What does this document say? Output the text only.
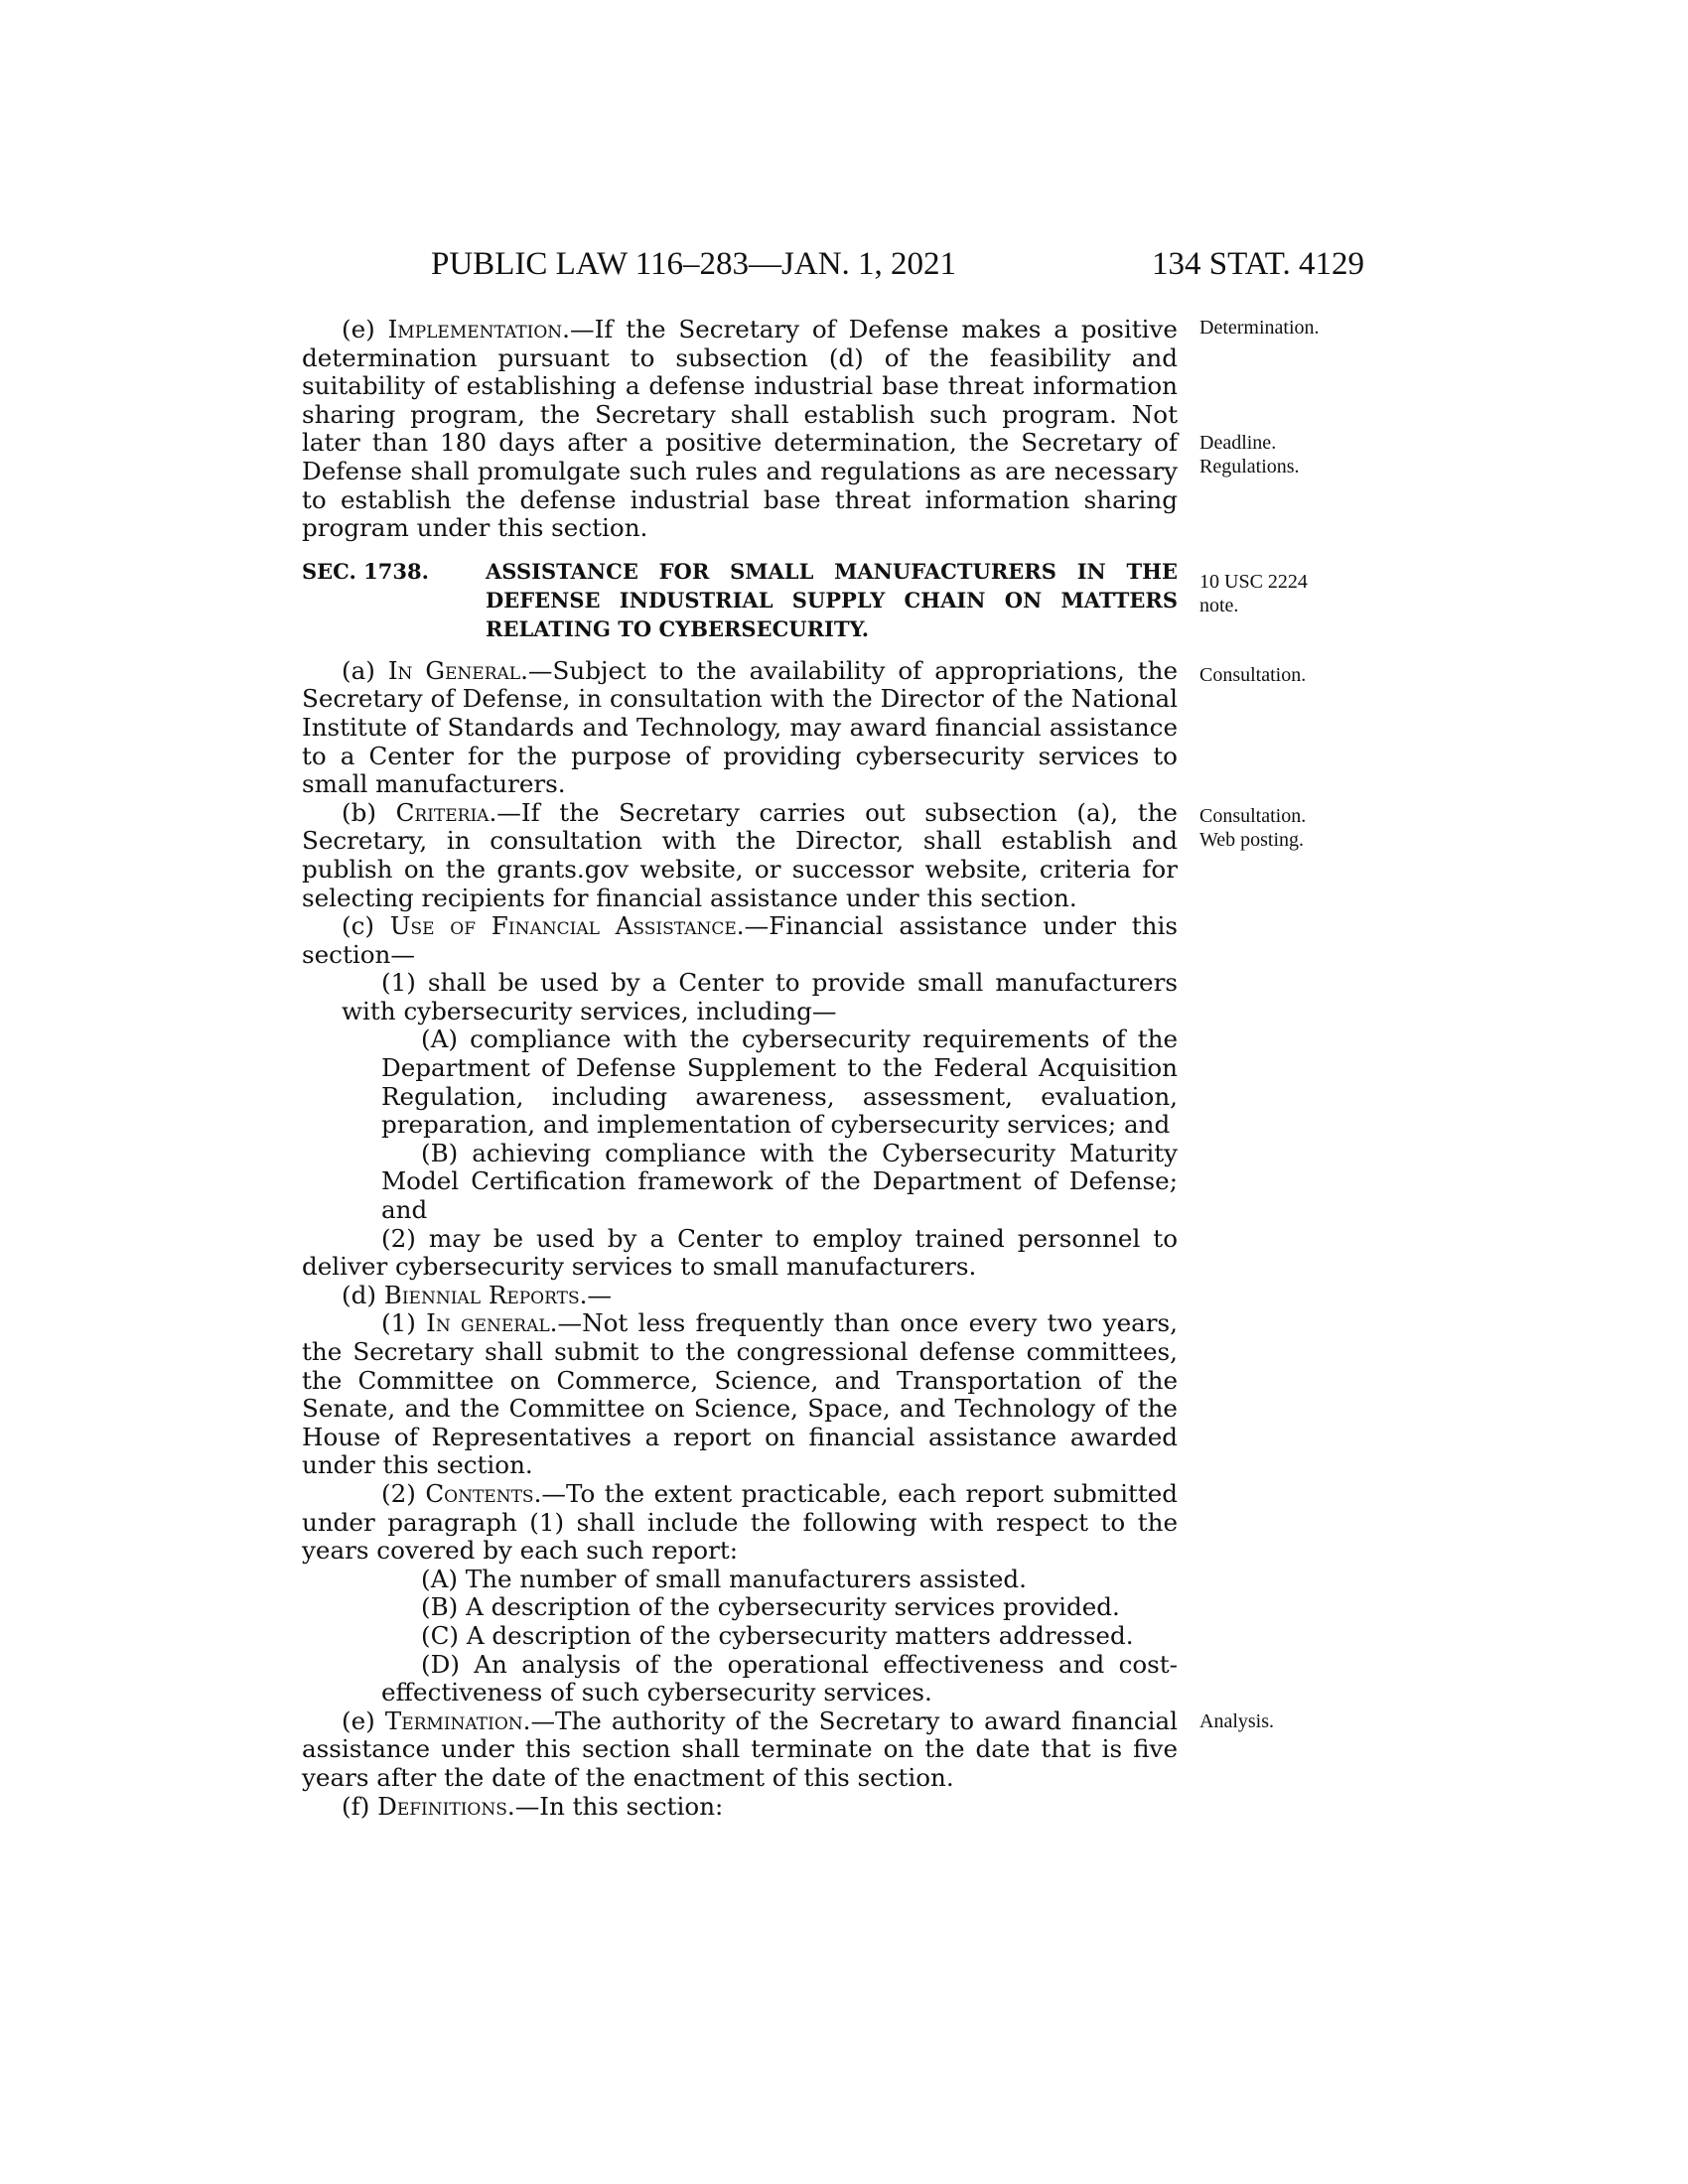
PUBLIC LAW 116–283—JAN. 1, 2021	134 STAT. 4129
Determination.
Deadline.
Regulations.
10 USC 2224
note.
Consultation.
Consultation.
Web posting.
Analysis.

(e) Implementation.—If the Secretary of Defense makes a positive determination pursuant to subsection (d) of the feasibility and suitability of establishing a defense industrial base threat information sharing program, the Secretary shall establish such program. Not later than 180 days after a positive determination, the Secretary of Defense shall promulgate such rules and regulations as are necessary to establish the defense industrial base threat information sharing program under this section.

SEC. 1738.	ASSISTANCE FOR SMALL MANUFACTURERS IN THE DEFENSE INDUSTRIAL SUPPLY CHAIN ON MATTERS RELATING TO CYBERSECURITY.

(a) In General.—Subject to the availability of appropriations, the Secretary of Defense, in consultation with the Director of the National Institute of Standards and Technology, may award financial assistance to a Center for the purpose of providing cybersecurity services to small manufacturers.

(b) Criteria.—If the Secretary carries out subsection (a), the Secretary, in consultation with the Director, shall establish and publish on the grants.gov website, or successor website, criteria for selecting recipients for financial assistance under this section.

(c) Use of Financial Assistance.—Financial assistance under this section—

(1) shall be used by a Center to provide small manufacturers with cybersecurity services, including—

(A) compliance with the cybersecurity requirements of the Department of Defense Supplement to the Federal Acquisition Regulation, including awareness, assessment, evaluation, preparation, and implementation of cybersecurity services; and

(B) achieving compliance with the Cybersecurity Maturity Model Certification framework of the Department of Defense; and

(2) may be used by a Center to employ trained personnel to deliver cybersecurity services to small manufacturers.

(d) Biennial Reports.—

(1) In general.—Not less frequently than once every two years, the Secretary shall submit to the congressional defense committees, the Committee on Commerce, Science, and Transportation of the Senate, and the Committee on Science, Space, and Technology of the House of Representatives a report on financial assistance awarded under this section.

(2) Contents.—To the extent practicable, each report submitted under paragraph (1) shall include the following with respect to the years covered by each such report:

(A) The number of small manufacturers assisted.

(B) A description of the cybersecurity services provided.

(C) A description of the cybersecurity matters addressed.

(D) An analysis of the operational effectiveness and cost-effectiveness of such cybersecurity services.

(e) Termination.—The authority of the Secretary to award financial assistance under this section shall terminate on the date that is five years after the date of the enactment of this section.

(f) Definitions.—In this section:
